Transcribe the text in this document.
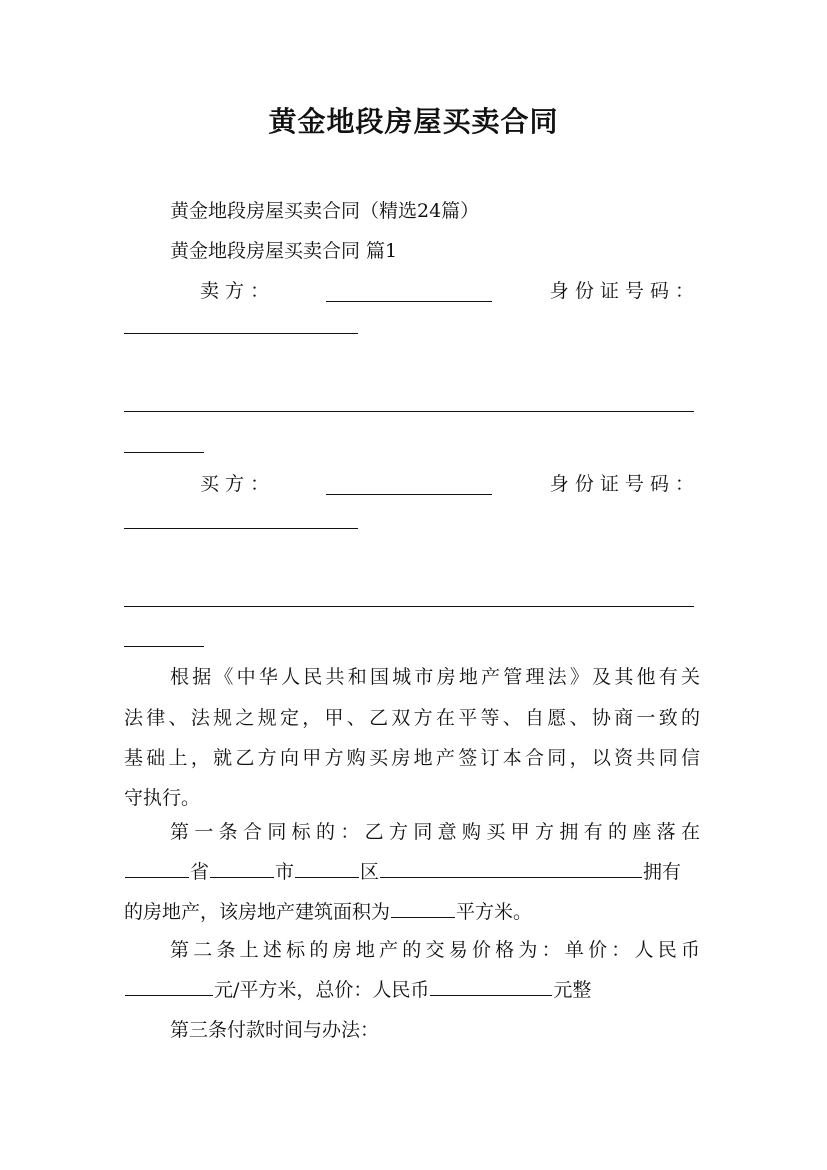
黄金地段房屋买卖合同
黄金地段房屋买卖合同（精选24篇）
黄金地段房屋买卖合同 篇1
卖 方 ：	身 份 证 号 码 ：
买 方 ：	身 份 证 号 码 ：
根据《中华人民共和国城市房地产管理法》及其他有关
法律、法规之规定，甲、乙双方在平等、自愿、协商一致的
基础上，就乙方向甲方购买房地产签订本合同，以资共同信
守执行。
第一条合同标的：乙方同意购买甲方拥有的座落在
省	市	区	拥有
的房地产，该房地产建筑面积为	平方米。
第二条上述标的房地产的交易价格为：单价：人民币
元/平方米，总价：人民币	元整
第三条付款时间与办法：
